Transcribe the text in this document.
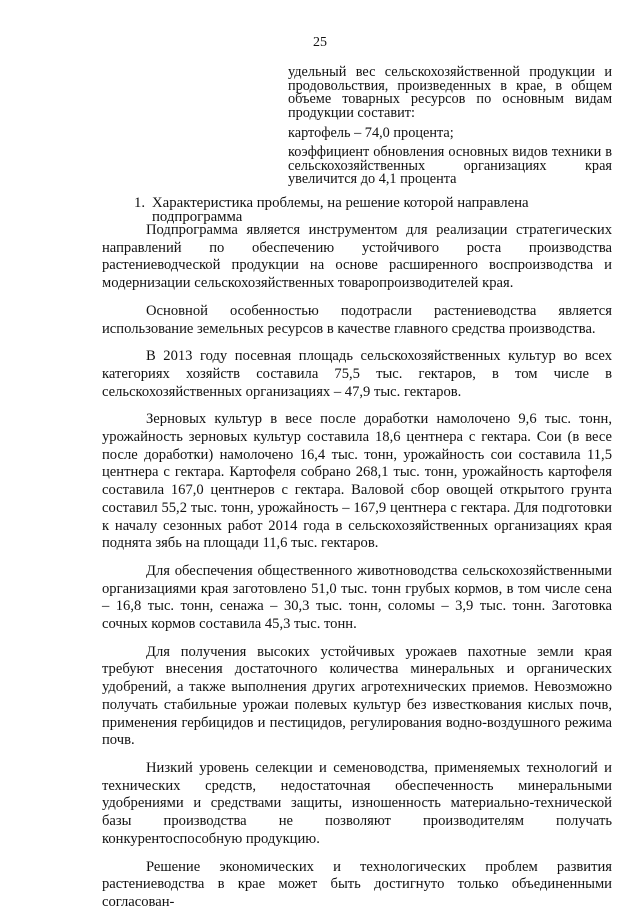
25

удельный вес сельскохозяйственной продукции и продовольствия, произведенных в крае, в общем объеме товарных ресурсов по основным видам продукции составит:

картофель – 74,0 процента;

коэффициент обновления основных видов техники в сельскохозяйственных организациях края увеличится до 4,1 процента

1. Характеристика проблемы, на решение которой направлена подпрограмма

Подпрограмма является инструментом для реализации стратегических направлений по обеспечению устойчивого роста производства растениеводческой продукции на основе расширенного воспроизводства и модернизации сельскохозяйственных товаропроизводителей края.

Основной особенностью подотрасли растениеводства является использование земельных ресурсов в качестве главного средства производства.

В 2013 году посевная площадь сельскохозяйственных культур во всех категориях хозяйств составила 75,5 тыс. гектаров, в том числе в сельскохозяйственных организациях – 47,9 тыс. гектаров.

Зерновых культур в весе после доработки намолочено 9,6 тыс. тонн, урожайность зерновых культур составила 18,6 центнера с гектара. Сои (в весе после доработки) намолочено 16,4 тыс. тонн, урожайность сои составила 11,5 центнера с гектара. Картофеля собрано 268,1 тыс. тонн, урожайность картофеля составила 167,0 центнеров с гектара. Валовой сбор овощей открытого грунта составил 55,2 тыс. тонн, урожайность – 167,9 центнера с гектара. Для подготовки к началу сезонных работ 2014 года в сельскохозяйственных организациях края поднята зябь на площади 11,6 тыс. гектаров.

Для обеспечения общественного животноводства сельскохозяйственными организациями края заготовлено 51,0 тыс. тонн грубых кормов, в том числе сена – 16,8 тыс. тонн, сенажа – 30,3 тыс. тонн, соломы – 3,9 тыс. тонн. Заготовка сочных кормов составила 45,3 тыс. тонн.

Для получения высоких устойчивых урожаев пахотные земли края требуют внесения достаточного количества минеральных и органических удобрений, а также выполнения других агротехнических приемов. Невозможно получать стабильные урожаи полевых культур без известкования кислых почв, применения гербицидов и пестицидов, регулирования водно-воздушного режима почв.

Низкий уровень селекции и семеноводства, применяемых технологий и технических средств, недостаточная обеспеченность минеральными удобрениями и средствами защиты, изношенность материально-технической базы производства не позволяют производителям получать конкурентоспособную продукцию.

Решение экономических и технологических проблем развития растениеводства в крае может быть достигнуто только объединенными согласован-
